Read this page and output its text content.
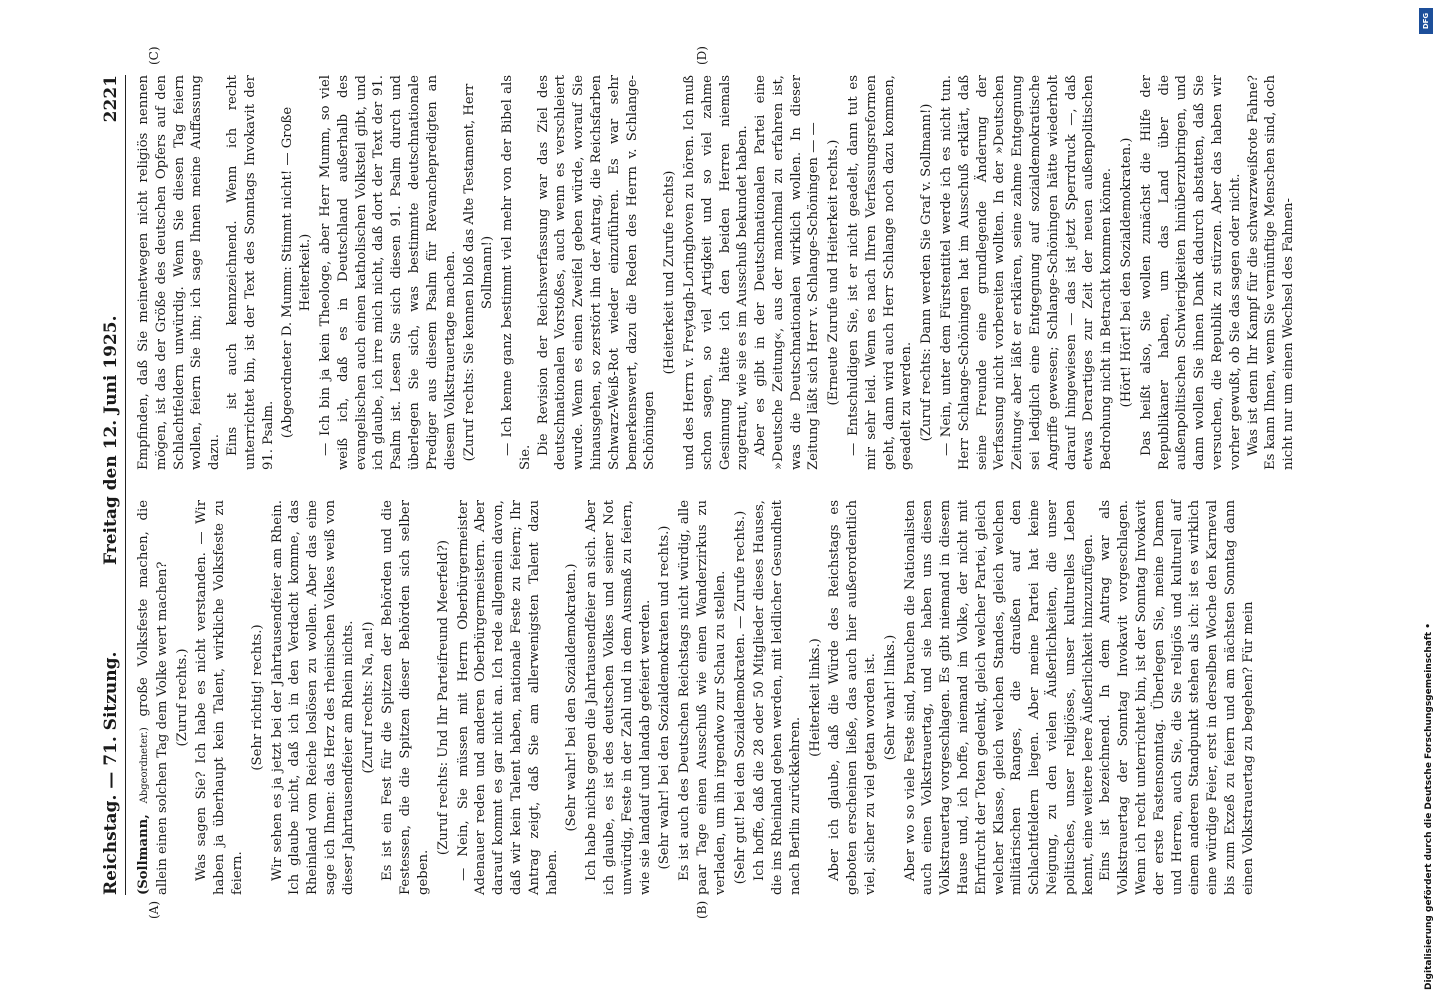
Reichstag. — 71. Sitzung.
Freitag den 12. Juni 1925.
2221
(A)	(B)
(C)	(D)

(Sollmann, Abgeordneter.) große Volksfeste machen, die allein einen solchen Tag dem Volke wert machen? (Zuruf rechts.) Was sagen Sie? Ich habe es nicht verstanden. — Wir haben ja überhaupt kein Talent, wirkliche Volksfeste zu feiern.

(Sehr richtig! rechts.) Wir sehen es ja jetzt bei der Jahrtausendfeier am Rhein. Ich glaube nicht, daß ich in den Verdacht komme, das Rheinland vom Reiche loslösen zu wollen. Aber das eine sage ich Ihnen: das Herz des rheinischen Volkes weiß von dieser Jahrtausendfeier am Rhein nichts. (Zuruf rechts: Na, na!) Es ist ein Fest für die Spitzen der Behörden und die Festessen, die die Spitzen dieser Behörden sich selber geben.

(Zuruf rechts: Und Ihr Parteifreund Meerfeld?) — Nein, Sie müssen mit Herrn Oberbürgermeister Adenauer reden und anderen Oberbürgermeistern. Aber darauf kommt es gar nicht an. Ich rede allgemein davon, daß wir kein Talent haben, nationale Feste zu feiern; Ihr Antrag zeigt, daß Sie am allerwenigsten Talent dazu haben.

(Sehr wahr! bei den Sozialdemokraten.) Ich habe nichts gegen die Jahrtausendfeier an sich. Aber ich glaube, es ist des deutschen Volkes und seiner Not unwürdig, Feste in der Zahl und in dem Ausmaß zu feiern, wie sie landauf und landab gefeiert werden. (Sehr wahr! bei den Sozialdemokraten und rechts.) Es ist auch des Deutschen Reichstags nicht würdig, alle paar Tage einen Ausschuß wie einen Wanderzirkus zu verladen, um ihn irgendwo zur Schau zu stellen. (Sehr gut! bei den Sozialdemokraten. — Zurufe rechts.) Ich hoffe, daß die 28 oder 50 Mitglieder dieses Hauses, die ins Rheinland gehen werden, mit leidlicher Gesundheit nach Berlin zurückkehren.

(Heiterkeit links.) Aber ich glaube, daß die Würde des Reichstags es geboten erscheinen ließe, das auch hier außerordentlich viel, sicher zu viel getan worden ist. (Sehr wahr! links.) Aber wo so viele Feste sind, brauchen die Nationalisten auch einen Volkstrauertag, und sie haben uns diesen Volkstrauertag vorgeschlagen. Es gibt niemand in diesem Hause und, ich hoffe, niemand im Volke, der nicht mit Ehrfurcht der Toten gedenkt, gleich welcher Partei, gleich welcher Klasse, gleich welchen Standes, gleich welchen militärischen Ranges, die draußen auf den Schlachtfeldern liegen. Aber meine Partei hat keine Neigung, zu den vielen Äußerlichkeiten, die unser politisches, unser religiöses, unser kulturelles Leben kennt, eine weitere leere Äußerlichkeit hinzuzufügen. Eins ist bezeichnend. In dem Antrag war als Volkstrauertag der Sonntag Invokavit vorgeschlagen. Wenn ich recht unterrichtet bin, ist der Sonntag Invokavit der erste Fastensonntag. Überlegen Sie, meine Damen und Herren, auch Sie, die Sie religiös und kulturell auf einem anderen Standpunkt stehen als ich: ist es wirklich eine würdige Feier, erst in derselben Woche den Karneval bis zum Exzeß zu feiern und am nächsten Sonntag dann einen Volkstrauertag zu begehen? Für mein

Empfinden, daß Sie meinetwegen nicht religiös nennen mögen, ist das der Größe des deutschen Opfers auf den Schlachtfeldern unwürdig. Wenn Sie diesen Tag feiern wollen, feiern Sie ihn; ich sage Ihnen meine Auffassung dazu. Eins ist auch kennzeichnend. Wenn ich recht unterrichtet bin, ist der Text des Sonntags Invokavit der 91. Psalm. (Abgeordneter D. Mumm: Stimmt nicht! — Große Heiterkeit.) — Ich bin ja kein Theologe, aber Herr Mumm, so viel weiß ich, daß es in Deutschland außerhalb des evangelischen auch einen katholischen Volksteil gibt, und ich glaube, ich irre mich nicht, daß dort der Text der 91. Psalm ist. Lesen Sie sich diesen 91. Psalm durch und überlegen Sie sich, was bestimmte deutschnationale Prediger aus diesem Psalm für Revanchepredigten an diesem Volkstrauertage machen. (Zuruf rechts: Sie kennen bloß das Alte Testament, Herr Sollmann!) — Ich kenne ganz bestimmt viel mehr von der Bibel als Sie.

Die Revision der Reichsverfassung war das Ziel des deutschnationalen Vorstoßes, auch wenn es verschleiert wurde. Wenn es einen Zweifel geben würde, worauf Sie hinausgehen, so zerstört ihn der Antrag, die Reichsfarben Schwarz-Weiß-Rot wieder einzuführen. Es war sehr bemerkenswert, dazu die Reden des Herrn v. Schlange-Schöningen

(Heiterkeit und Zurufe rechts) und des Herrn v. Freytagh-Loringhoven zu hören. Ich muß schon sagen, so viel Artigkeit und so viel zahme Gesinnung hätte ich den beiden Herren niemals zugetraut, wie sie es im Ausschuß bekundet haben. Aber es gibt in der Deutschnationalen Partei eine »Deutsche Zeitung«, aus der manchmal zu erfahren ist, was die Deutschnationalen wirklich wollen. In dieser Zeitung läßt sich Herr v. Schlange-Schöningen — — (Erneute Zurufe und Heiterkeit rechts.) — Entschuldigen Sie, ist er nicht geadelt, dann tut es mir sehr leid. Wenn es nach Ihren Verfassungsreformen geht, dann wird auch Herr Schlange noch dazu kommen, geadelt zu werden. (Zuruf rechts: Dann werden Sie Graf v. Sollmann!) — Nein, unter dem Fürstentitel werde ich es nicht tun. Herr Schlange-Schöningen hat im Ausschuß erklärt, daß seine Freunde eine grundlegende Änderung der Verfassung nicht vorbereiten wollten. In der »Deutschen Zeitung« aber läßt er erklären, seine zahme Entgegnung sei lediglich eine Entgegnung auf sozialdemokratische Angriffe gewesen; Schlange-Schöningen hätte wiederholt darauf hingewiesen — das ist jetzt Sperrdruck —, daß etwas Derartiges zur Zeit der neuen außenpolitischen Bedrohung nicht in Betracht kommen könne. (Hört! Hört! bei den Sozialdemokraten.) Das heißt also, Sie wollen zunächst die Hilfe der Republikaner haben, um das Land über die außenpolitischen Schwierigkeiten hinüberzubringen, und dann wollen Sie ihnen Dank dadurch abstatten, daß Sie versuchen, die Republik zu stürzen. Aber das haben wir vorher gewußt, ob Sie das sagen oder nicht. Was ist denn Ihr Kampf für die schwarzweißrote Fahne? Es kann Ihnen, wenn Sie vernünftige Menschen sind, doch nicht nur um einen Wechsel des Fahnen-

DFG
Digitalisierung gefördert durch die Deutsche Forschungsgemeinschaft •
